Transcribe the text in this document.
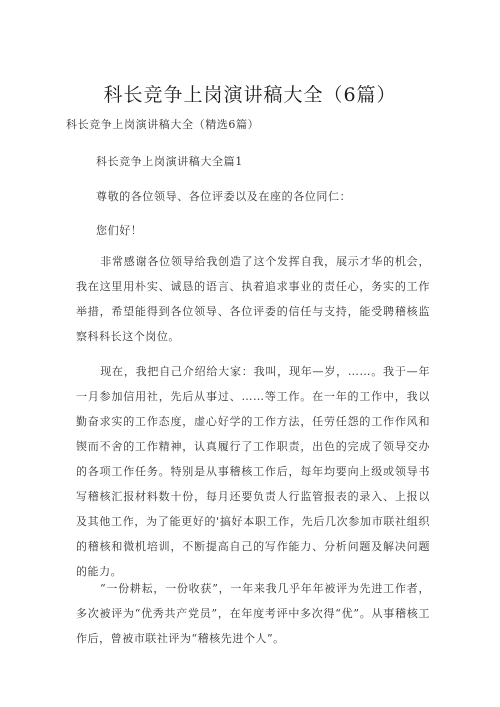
科长竞争上岗演讲稿大全（6篇）
科长竞争上岗演讲稿大全（精选6篇）
科长竞争上岗演讲稿大全篇1
尊敬的各位领导、各位评委以及在座的各位同仁：
您们好！
非常感谢各位领导给我创造了这个发挥自我，展示才华的机会，我在这里用朴实、诚恳的语言、执着追求事业的责任心，务实的工作举措，希望能得到各位领导、各位评委的信任与支持，能受聘稽核监察科科长这个岗位。
现在，我把自己介绍给大家：我叫，现年—岁，……。我于—年一月参加信用社，先后从事过、……等工作。在一年的工作中，我以勤奋求实的工作态度，虚心好学的工作方法，任劳任怨的工作作风和锲而不舍的工作精神，认真履行了工作职责，出色的完成了领导交办的各项工作任务。特别是从事稽核工作后，每年均要向上级或领导书写稽核汇报材料数十份，每月还要负责人行监管报表的录入、上报以及其他工作，为了能更好的'搞好本职工作，先后几次参加市联社组织的稽核和微机培训，不断提高自己的写作能力、分析问题及解决问题的能力。
“一份耕耘，一份收获”，一年来我几乎年年被评为先进工作者，多次被评为“优秀共产党员”，在年度考评中多次得“优”。从事稽核工作后，曾被市联社评为“稽核先进个人”。
